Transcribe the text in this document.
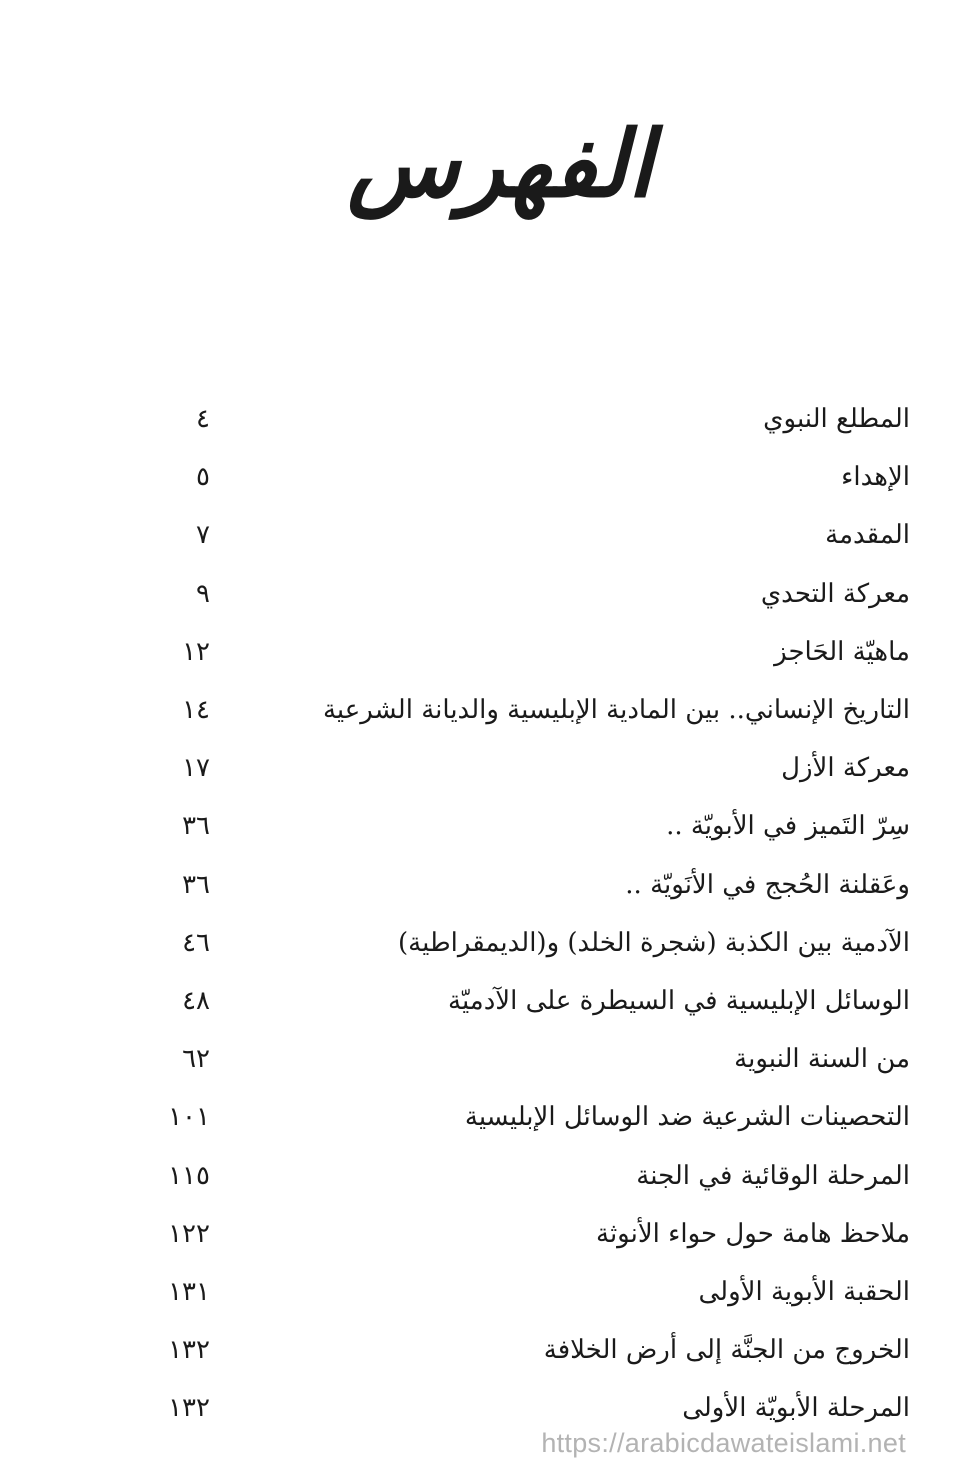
الفهرس
٤	المطلع النبوي
٥	الإهداء
٧	المقدمة
٩	معركة التحدي
١٢	ماهيّة الحَاجز
١٤	التاريخ الإنساني.. بين المادية الإبليسية والديانة الشرعية
١٧	معركة الأزل
٣٦	سِرّ التَميز في الأبويّة ..
٣٦	وعَقلنة الحُجج في الأنَويّة ..
٤٦	الآدمية بين الكذبة (شجرة الخلد) و(الديمقراطية)
٤٨	الوسائل الإبليسية في السيطرة على الآدميّة
٦٢	من السنة النبوية
١٠١	التحصينات الشرعية ضد الوسائل الإبليسية
١١٥	المرحلة الوقائية في الجنة
١٢٢	ملاحظ هامة حول حواء الأنوثة
١٣١	الحقبة الأبوية الأولى
١٣٢	الخروج من الجنَّة إلى أرض الخلافة
١٣٢	المرحلة الأبويّة الأولى
https://arabicdawateislami.net
